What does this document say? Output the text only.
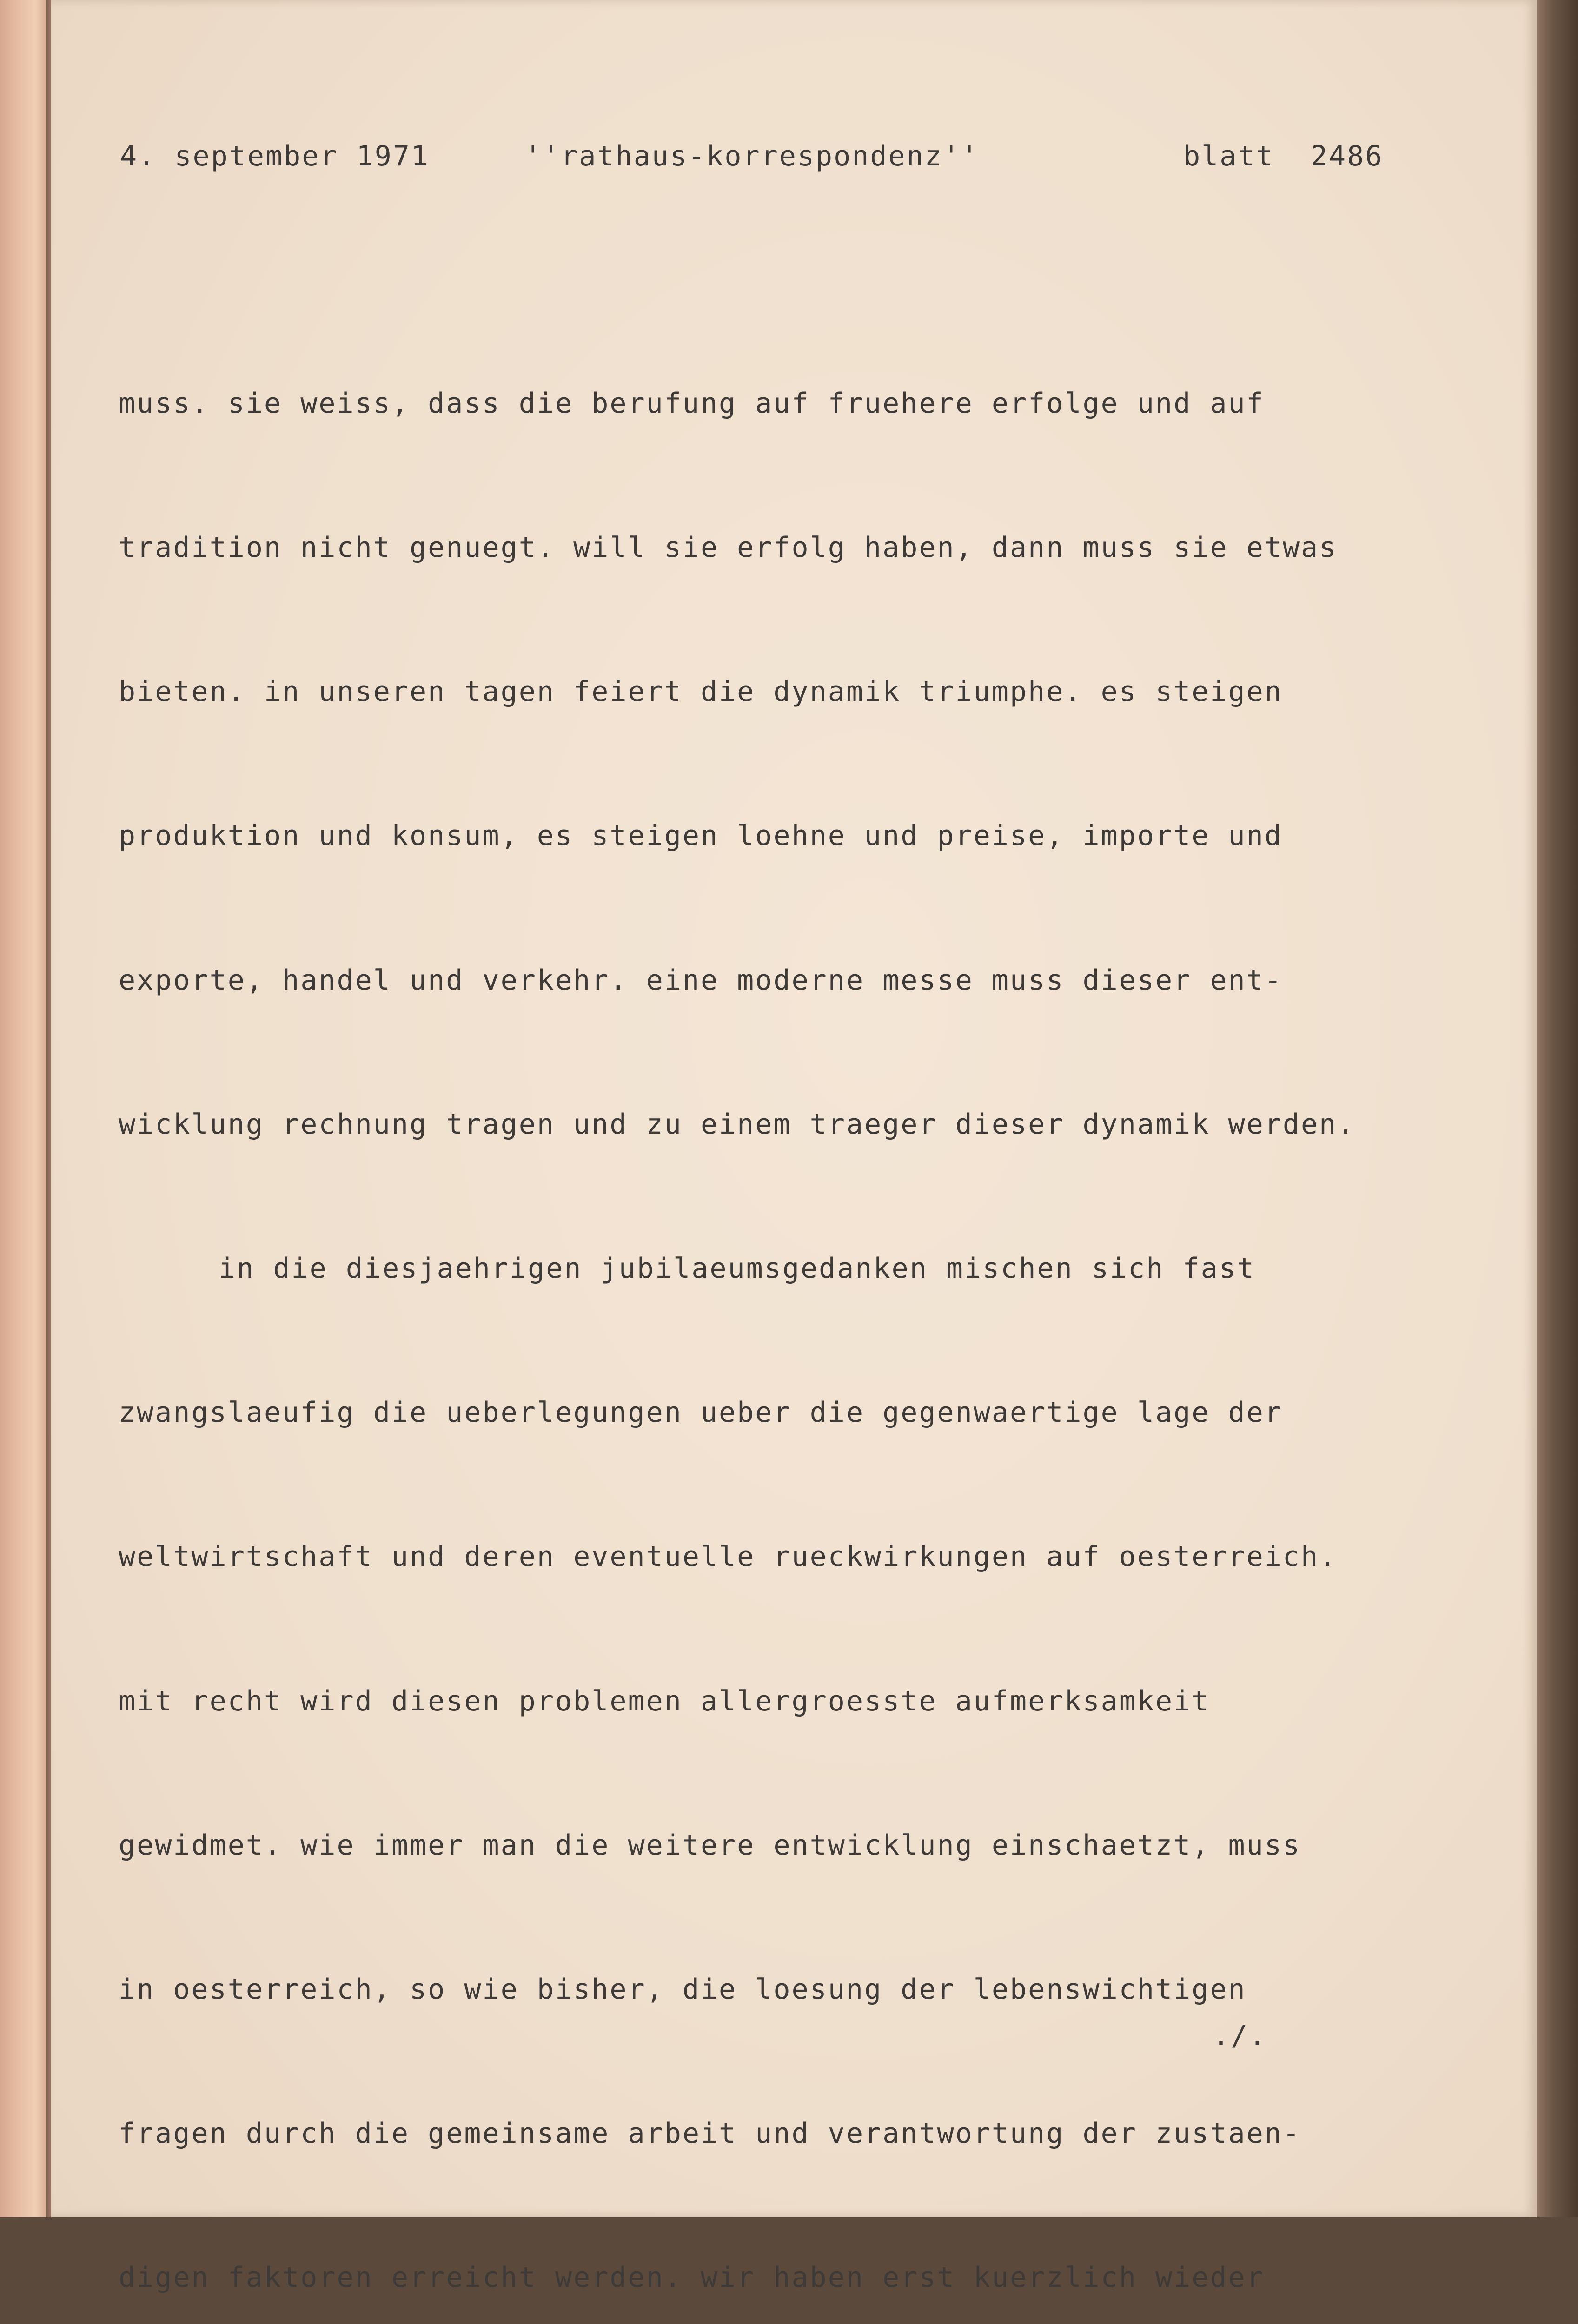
4. september 1971	''rathaus-korrespondenz''	blatt 2486

muss. sie weiss, dass die berufung auf fruehere erfolge und auf

tradition nicht genuegt. will sie erfolg haben, dann muss sie etwas

bieten. in unseren tagen feiert die dynamik triumphe. es steigen

produktion und konsum, es steigen loehne und preise, importe und

exporte, handel und verkehr. eine moderne messe muss dieser ent-

wicklung rechnung tragen und zu einem traeger dieser dynamik werden.

in die diesjaehrigen jubilaeumsgedanken mischen sich fast

zwangslaeufig die ueberlegungen ueber die gegenwaertige lage der

weltwirtschaft und deren eventuelle rueckwirkungen auf oesterreich.

mit recht wird diesen problemen allergroesste aufmerksamkeit

gewidmet. wie immer man die weitere entwicklung einschaetzt, muss

in oesterreich, so wie bisher, die loesung der lebenswichtigen

fragen durch die gemeinsame arbeit und verantwortung der zustaen-

digen faktoren erreicht werden. wir haben erst kuerzlich wieder

./.
